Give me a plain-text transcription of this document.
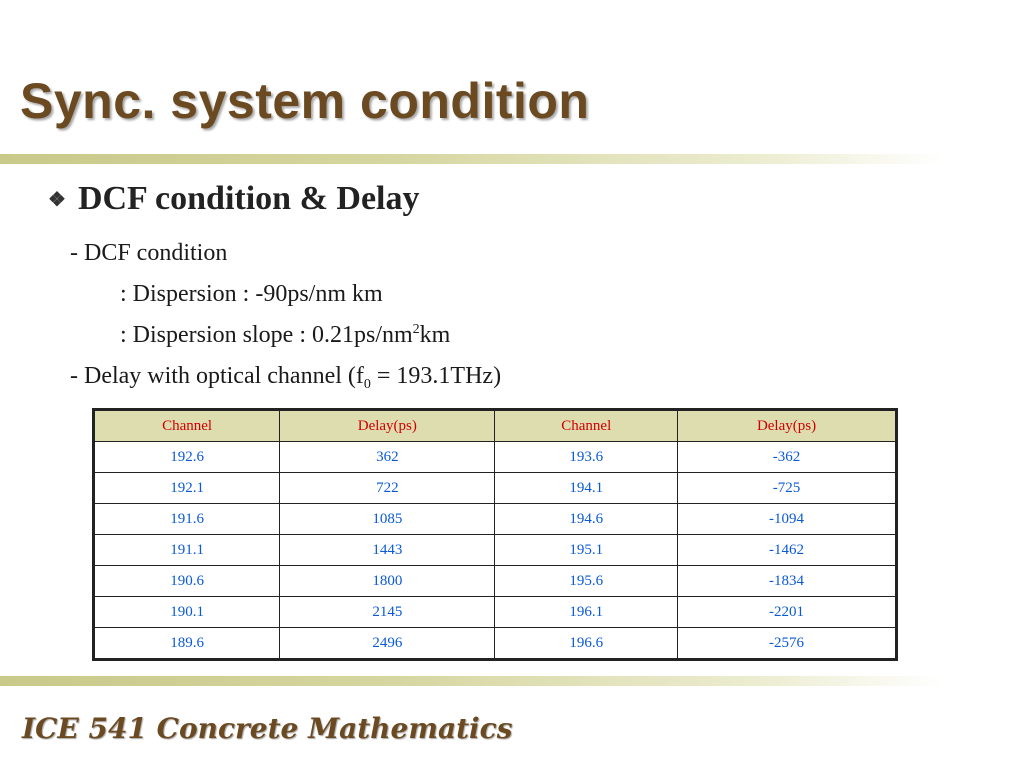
Sync. system condition
❖ DCF condition & Delay
- DCF condition
: Dispersion : -90ps/nm km
: Dispersion slope : $0.21ps/nm^2km$
- Delay with optical channel $(f_0 = 193.1THz)$
Channel	Delay(ps)	Channel	Delay(ps)
192.6	362	193.6	-362
192.1	722	194.1	-725
191.6	1085	194.6	-1094
191.1	1443	195.1	-1462
190.6	1800	195.6	-1834
190.1	2145	196.1	-2201
189.6	2496	196.6	-2576
ICE 541 Concrete Mathematics
